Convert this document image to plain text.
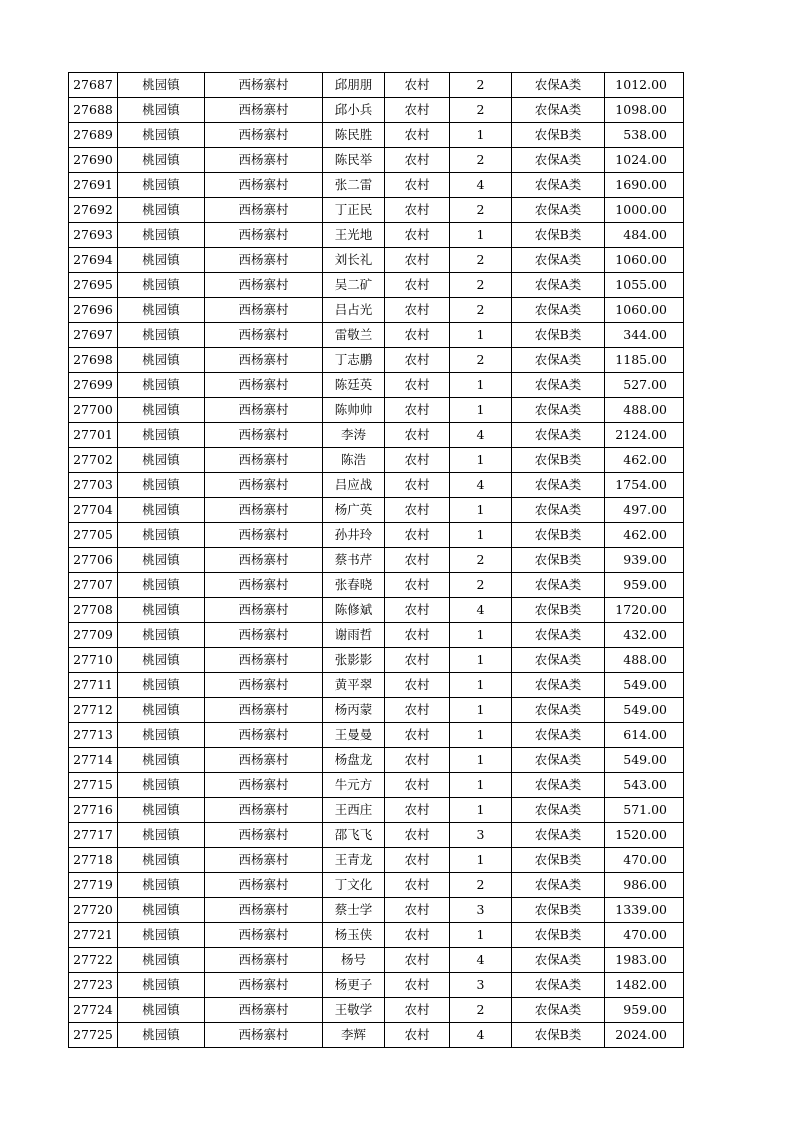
27687	桃园镇	西杨寨村	邱朋朋	农村	2	农保A类	1012.00
27688	桃园镇	西杨寨村	邱小兵	农村	2	农保A类	1098.00
27689	桃园镇	西杨寨村	陈民胜	农村	1	农保B类	538.00
27690	桃园镇	西杨寨村	陈民举	农村	2	农保A类	1024.00
27691	桃园镇	西杨寨村	张二雷	农村	4	农保A类	1690.00
27692	桃园镇	西杨寨村	丁正民	农村	2	农保A类	1000.00
27693	桃园镇	西杨寨村	王光地	农村	1	农保B类	484.00
27694	桃园镇	西杨寨村	刘长礼	农村	2	农保A类	1060.00
27695	桃园镇	西杨寨村	吴二矿	农村	2	农保A类	1055.00
27696	桃园镇	西杨寨村	吕占光	农村	2	农保A类	1060.00
27697	桃园镇	西杨寨村	雷敬兰	农村	1	农保B类	344.00
27698	桃园镇	西杨寨村	丁志鹏	农村	2	农保A类	1185.00
27699	桃园镇	西杨寨村	陈廷英	农村	1	农保A类	527.00
27700	桃园镇	西杨寨村	陈帅帅	农村	1	农保A类	488.00
27701	桃园镇	西杨寨村	李涛	农村	4	农保A类	2124.00
27702	桃园镇	西杨寨村	陈浩	农村	1	农保B类	462.00
27703	桃园镇	西杨寨村	吕应战	农村	4	农保A类	1754.00
27704	桃园镇	西杨寨村	杨广英	农村	1	农保A类	497.00
27705	桃园镇	西杨寨村	孙井玲	农村	1	农保B类	462.00
27706	桃园镇	西杨寨村	蔡书芹	农村	2	农保B类	939.00
27707	桃园镇	西杨寨村	张春晓	农村	2	农保A类	959.00
27708	桃园镇	西杨寨村	陈修斌	农村	4	农保B类	1720.00
27709	桃园镇	西杨寨村	谢雨哲	农村	1	农保A类	432.00
27710	桃园镇	西杨寨村	张影影	农村	1	农保A类	488.00
27711	桃园镇	西杨寨村	黄平翠	农村	1	农保A类	549.00
27712	桃园镇	西杨寨村	杨丙蒙	农村	1	农保A类	549.00
27713	桃园镇	西杨寨村	王曼曼	农村	1	农保A类	614.00
27714	桃园镇	西杨寨村	杨盘龙	农村	1	农保A类	549.00
27715	桃园镇	西杨寨村	牛元方	农村	1	农保A类	543.00
27716	桃园镇	西杨寨村	王西庄	农村	1	农保A类	571.00
27717	桃园镇	西杨寨村	邵飞飞	农村	3	农保A类	1520.00
27718	桃园镇	西杨寨村	王青龙	农村	1	农保B类	470.00
27719	桃园镇	西杨寨村	丁文化	农村	2	农保A类	986.00
27720	桃园镇	西杨寨村	蔡士学	农村	3	农保B类	1339.00
27721	桃园镇	西杨寨村	杨玉侠	农村	1	农保B类	470.00
27722	桃园镇	西杨寨村	杨号	农村	4	农保A类	1983.00
27723	桃园镇	西杨寨村	杨更子	农村	3	农保A类	1482.00
27724	桃园镇	西杨寨村	王敬学	农村	2	农保A类	959.00
27725	桃园镇	西杨寨村	李辉	农村	4	农保B类	2024.00
